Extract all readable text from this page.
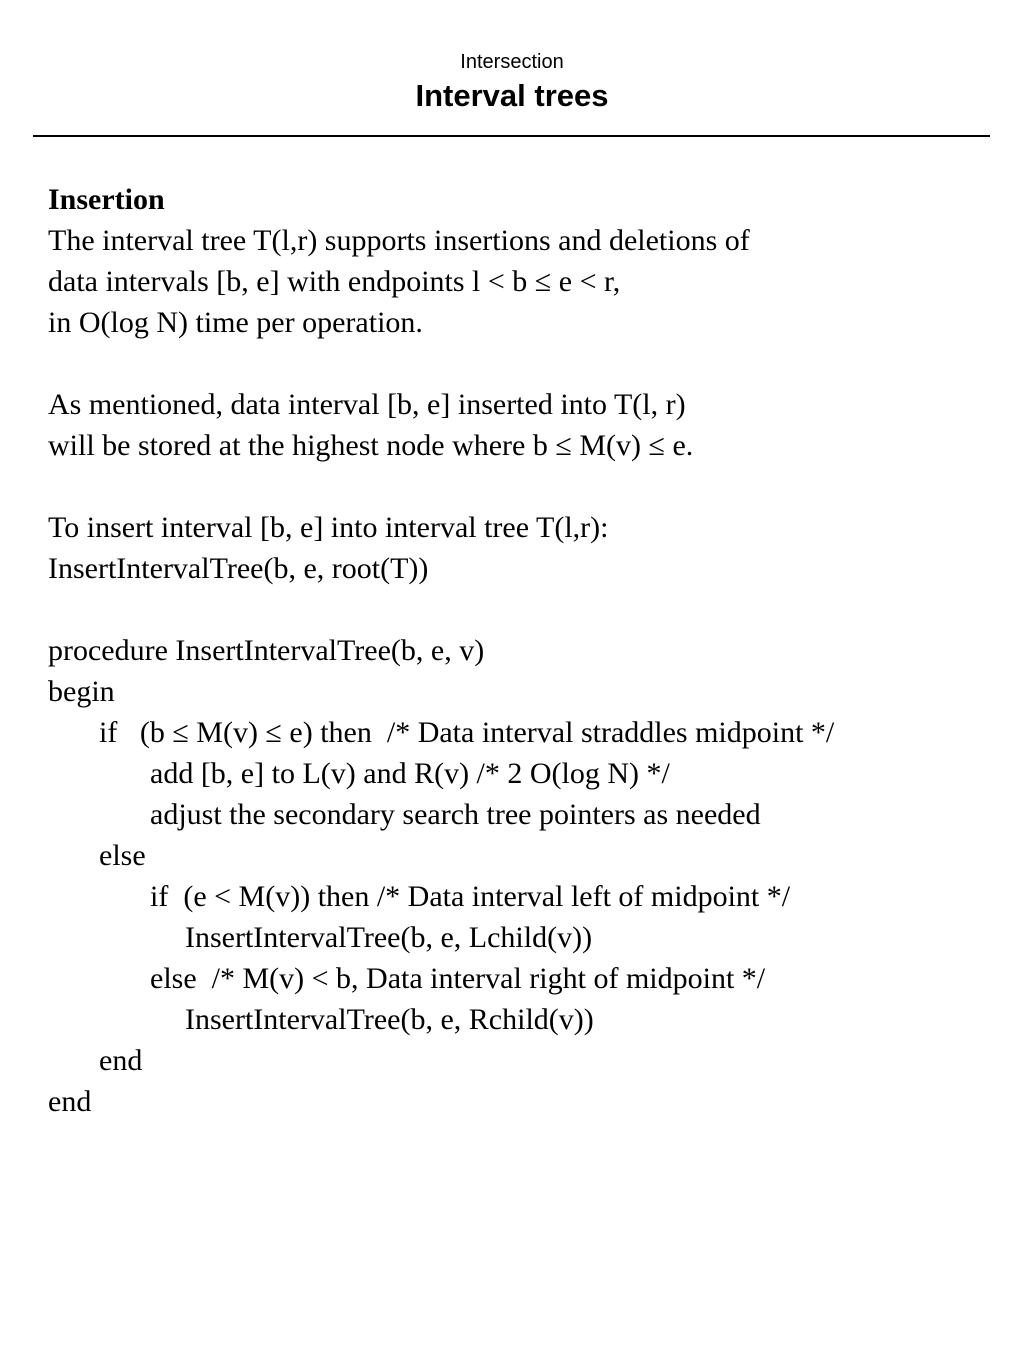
Intersection
Interval trees
Insertion
The interval tree T(l,r) supports insertions and deletions of
data intervals [b, e] with endpoints l < b ≤ e < r,
in O(log N) time per operation.
As mentioned, data interval [b, e] inserted into T(l, r)
will be stored at the highest node where b ≤ M(v) ≤ e.
To insert interval [b, e] into interval tree T(l,r):
InsertIntervalTree(b, e, root(T))
procedure InsertIntervalTree(b, e, v)
begin
if   (b ≤ M(v) ≤ e) then  /* Data interval straddles midpoint */
add [b, e] to L(v) and R(v) /* 2 O(log N) */
adjust the secondary search tree pointers as needed
else
if  (e < M(v)) then /* Data interval left of midpoint */
InsertIntervalTree(b, e, Lchild(v))
else  /* M(v) < b, Data interval right of midpoint */
InsertIntervalTree(b, e, Rchild(v))
end
end
